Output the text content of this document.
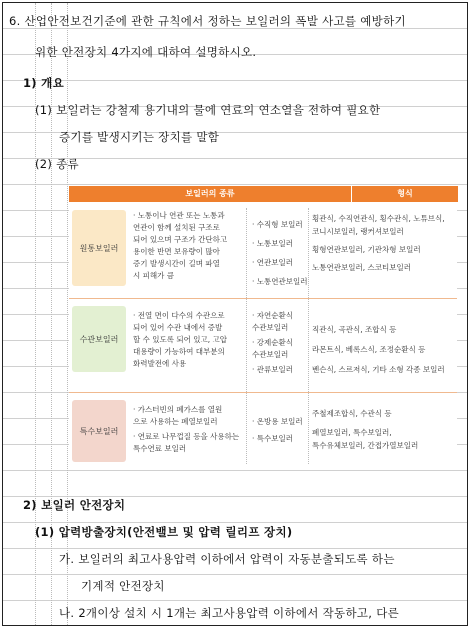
6. 산업안전보건기준에 관한 규칙에서 정하는 보일러의 폭발 사고를 예방하기
위한 안전장치 4가지에 대하여 설명하시오.
1) 개요
(1) 보일러는 강철제 용기내의 물에 연료의 연소열을 전하여 필요한
증기를 발생시키는 장치를 말함
(2) 종류
보일러의 종류	형식
원통보일러
· 노통이나 연관 또는 노통과
연관이 함께 설치된 구조로
되어 있으며 구조가 간단하고
용이한 반면 보유량이 많아
증기 발생시간이 길며 파열
시 피해가 큼
· 수직형 보일러
· 노통보일러
· 연관보일러
· 노통연관보일러
횡관식, 수직연관식, 횡수관식, 노튜브식,
코니시보일러, 랭커셔보일러
횡형연관보일러, 기관차형 보일러
노통연관보일러, 스코티보일러
수관보일러
· 전열 면이 다수의 수관으로
되어 있어 수관 내에서 증발
할 수 있도록 되어 있고, 고압
대용량이 가능하여 대부분의
화력발전에 사용
· 자연순환식
수관보일러
· 강제순환식
수관보일러
· 관류보일러
직관식, 곡관식, 조합식 등
라몬트식, 베록스식, 조정순환식 등
벤슨식, 스르저식, 기타 소형 각종 보일러
특수보일러
· 가스터빈의 폐가스를 열원
으로 사용하는 폐열보일러
· 연료로 나무껍질 등을 사용하는
특수연료 보일러
· 온방용 보일러
· 특수보일러
주철제조합식, 수관식 등
폐열보일러, 특수보일러,
특수유체보일러, 간접가열보일러
2) 보일러 안전장치
(1) 압력방출장치(안전밸브 및 압력 릴리프 장치)
가. 보일러의 최고사용압력 이하에서 압력이 자동분출되도록 하는
기계적 안전장치
나. 2개이상 설치 시 1개는 최고사용압력 이하에서 작동하고, 다른
